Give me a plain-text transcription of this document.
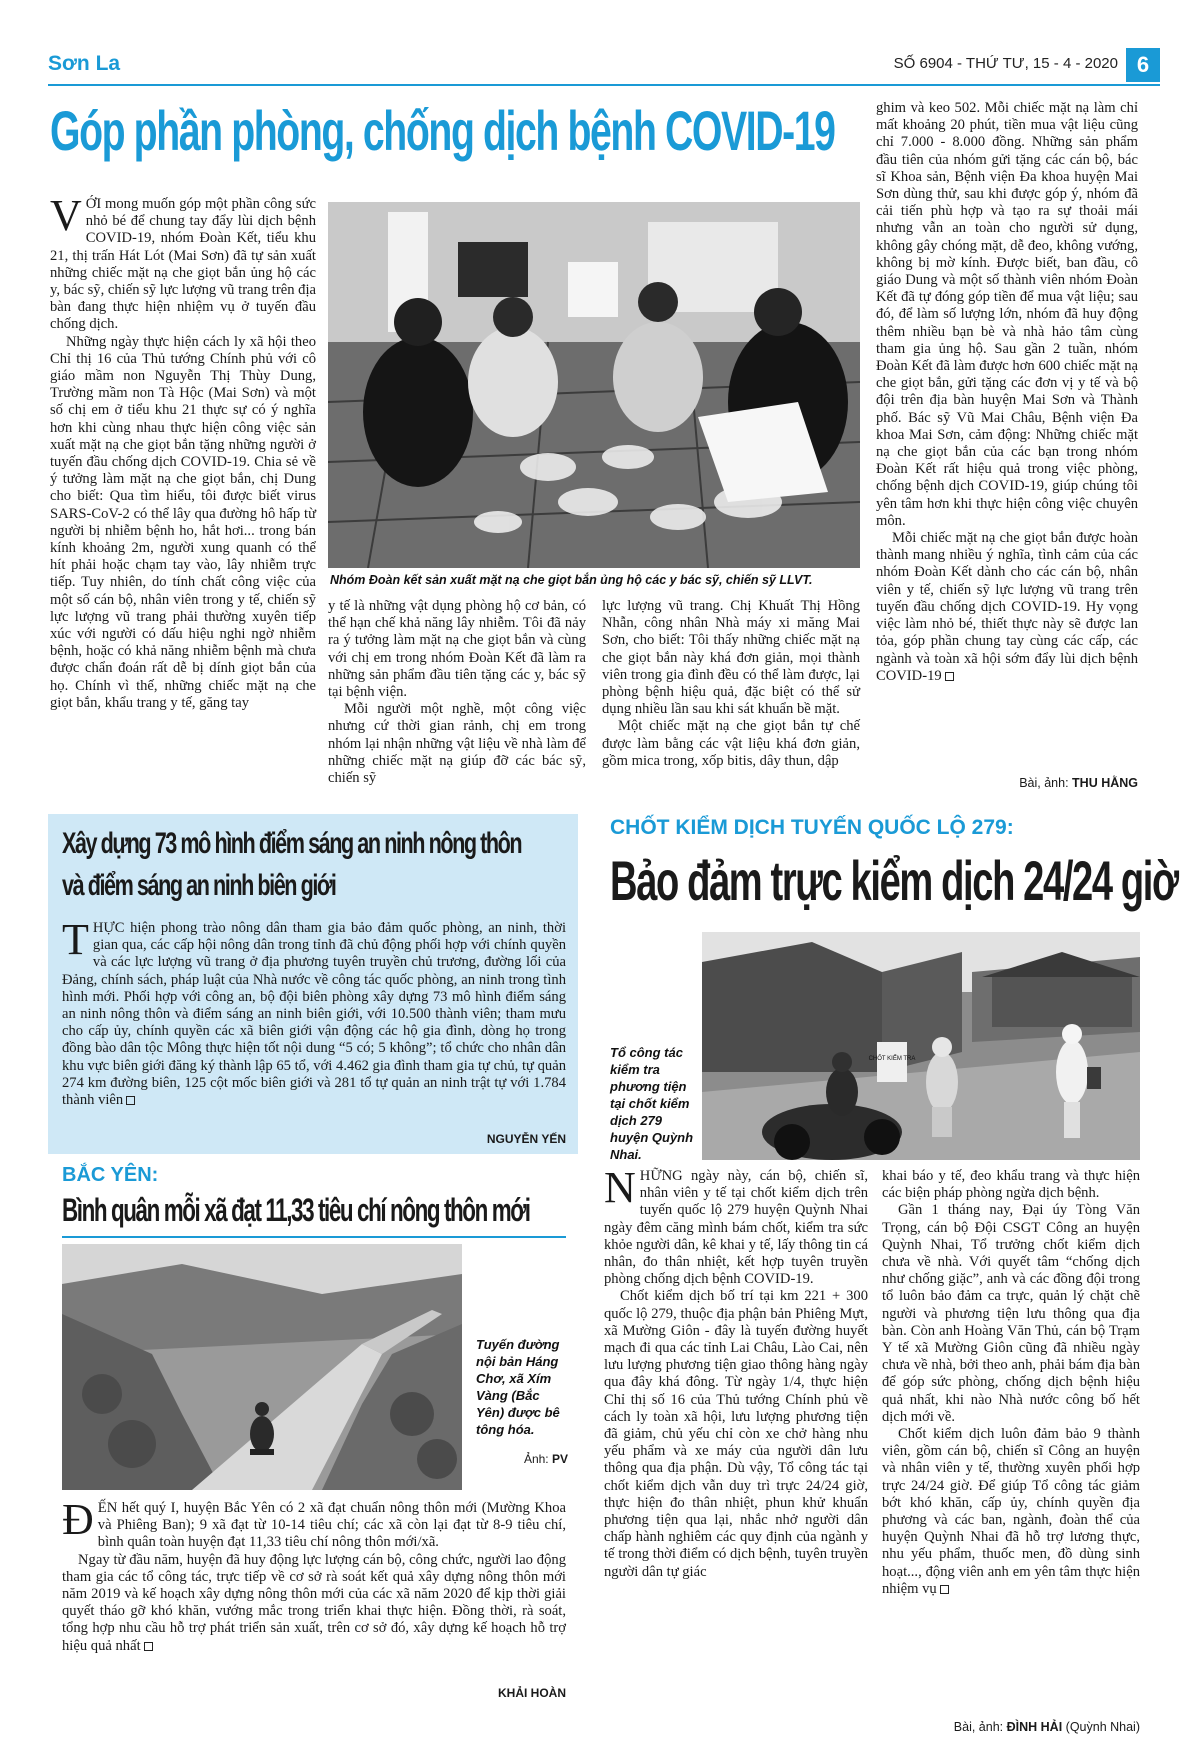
Sơn La	SỐ 6904 - THỨ TƯ, 15 - 4 - 2020 6
Góp phần phòng, chống dịch bệnh COVID-19

VỚI mong muốn góp một phần công sức nhỏ bé để chung tay đẩy lùi dịch bệnh COVID-19, nhóm Đoàn Kết, tiểu khu 21, thị trấn Hát Lót (Mai Sơn) đã tự sản xuất những chiếc mặt nạ che giọt bắn ủng hộ các y, bác sỹ, chiến sỹ lực lượng vũ trang trên địa bàn đang thực hiện nhiệm vụ ở tuyến đầu chống dịch.

Những ngày thực hiện cách ly xã hội theo Chỉ thị 16 của Thủ tướng Chính phủ với cô giáo mầm non Nguyễn Thị Thùy Dung, Trường mầm non Tà Hộc (Mai Sơn) và một số chị em ở tiểu khu 21 thực sự có ý nghĩa hơn khi cùng nhau thực hiện công việc sản xuất mặt nạ che giọt bắn tặng những người ở tuyến đầu chống dịch COVID-19. Chia sẻ về ý tưởng làm mặt nạ che giọt bắn, chị Dung cho biết: Qua tìm hiểu, tôi được biết virus SARS-CoV-2 có thể lây qua đường hô hấp từ người bị nhiễm bệnh ho, hắt hơi... trong bán kính khoảng 2m, người xung quanh có thể hít phải hoặc chạm tay vào, lây nhiễm trực tiếp. Tuy nhiên, do tính chất công việc của một số cán bộ, nhân viên trong y tế, chiến sỹ lực lượng vũ trang phải thường xuyên tiếp xúc với người có dấu hiệu nghi ngờ nhiễm bệnh, hoặc có khả năng nhiễm bệnh mà chưa được chẩn đoán rất dễ bị dính giọt bắn của họ. Chính vì thế, những chiếc mặt nạ che giọt bắn, khẩu trang y tế, găng tay

Nhóm Đoàn kết sản xuất mặt nạ che giọt bắn ủng hộ các y bác sỹ, chiến sỹ LLVT.

y tế là những vật dụng phòng hộ cơ bản, có thể hạn chế khả năng lây nhiễm. Tôi đã nảy ra ý tưởng làm mặt nạ che giọt bắn và cùng với chị em trong nhóm Đoàn Kết đã làm ra những sản phẩm đầu tiên tặng các y, bác sỹ tại bệnh viện.

Mỗi người một nghề, một công việc nhưng cứ thời gian rảnh, chị em trong nhóm lại nhận những vật liệu về nhà làm để những chiếc mặt nạ giúp đỡ các bác sỹ, chiến sỹ

lực lượng vũ trang. Chị Khuất Thị Hồng Nhẫn, công nhân Nhà máy xi măng Mai Sơn, cho biết: Tôi thấy những chiếc mặt nạ che giọt bắn này khá đơn giản, mọi thành viên trong gia đình đều có thể làm được, lại phòng bệnh hiệu quả, đặc biệt có thể sử dụng nhiều lần sau khi sát khuẩn bề mặt.

Một chiếc mặt nạ che giọt bắn tự chế được làm bằng các vật liệu khá đơn giản, gồm mica trong, xốp bitis, dây thun, dập

ghim và keo 502. Mỗi chiếc mặt nạ làm chỉ mất khoảng 20 phút, tiền mua vật liệu cũng chỉ 7.000 - 8.000 đồng. Những sản phẩm đầu tiên của nhóm gửi tặng các cán bộ, bác sĩ Khoa sản, Bệnh viện Đa khoa huyện Mai Sơn dùng thử, sau khi được góp ý, nhóm đã cải tiến phù hợp và tạo ra sự thoải mái nhưng vẫn an toàn cho người sử dụng, không gây chóng mặt, dễ đeo, không vướng, không bị mờ kính. Được biết, ban đầu, cô giáo Dung và một số thành viên nhóm Đoàn Kết đã tự đóng góp tiền để mua vật liệu; sau đó, để làm số lượng lớn, nhóm đã huy động thêm nhiều bạn bè và nhà hảo tâm cùng tham gia ủng hộ. Sau gần 2 tuần, nhóm Đoàn Kết đã làm được hơn 600 chiếc mặt nạ che giọt bắn, gửi tặng các đơn vị y tế và bộ đội trên địa bàn huyện Mai Sơn và Thành phố. Bác sỹ Vũ Mai Châu, Bệnh viện Đa khoa Mai Sơn, cảm động: Những chiếc mặt nạ che giọt bắn của các bạn trong nhóm Đoàn Kết rất hiệu quả trong việc phòng, chống bệnh dịch COVID-19, giúp chúng tôi yên tâm hơn khi thực hiện công việc chuyên môn.

Mỗi chiếc mặt nạ che giọt bắn được hoàn thành mang nhiều ý nghĩa, tình cảm của các nhóm Đoàn Kết dành cho các cán bộ, nhân viên y tế, chiến sỹ lực lượng vũ trang trên tuyến đầu chống dịch COVID-19. Hy vọng việc làm nhỏ bé, thiết thực này sẽ được lan tỏa, góp phần chung tay cùng các cấp, các ngành và toàn xã hội sớm đẩy lùi dịch bệnh COVID-19

Bài, ảnh: THU HẰNG
Xây dựng 73 mô hình điểm sáng an ninh nông thôn
và điểm sáng an ninh biên giới

THỰC hiện phong trào nông dân tham gia bảo đảm quốc phòng, an ninh, thời gian qua, các cấp hội nông dân trong tỉnh đã chủ động phối hợp với chính quyền và các lực lượng vũ trang ở địa phương tuyên truyền chủ trương, đường lối của Đảng, chính sách, pháp luật của Nhà nước về công tác quốc phòng, an ninh trong tình hình mới. Phối hợp với công an, bộ đội biên phòng xây dựng 73 mô hình điểm sáng an ninh nông thôn và điểm sáng an ninh biên giới, với 10.500 thành viên; tham mưu cho cấp ủy, chính quyền các xã biên giới vận động các hộ gia đình, dòng họ trong đồng bào dân tộc Mông thực hiện tốt nội dung “5 có; 5 không”; tổ chức cho nhân dân khu vực biên giới đăng ký thành lập 65 tổ, với 4.462 gia đình tham gia tự chủ, tự quản 274 km đường biên, 125 cột mốc biên giới và 281 tổ tự quản an ninh trật tự với 1.784 thành viên

NGUYỄN YẾN
BẮC YÊN:
Bình quân mỗi xã đạt 11,33 tiêu chí nông thôn mới
Tuyến đường nội bản Háng Chơ, xã Xím Vàng (Bắc Yên) được bê tông hóa.
Ảnh: PV

ĐẾN hết quý I, huyện Bắc Yên có 2 xã đạt chuẩn nông thôn mới (Mường Khoa và Phiêng Ban); 9 xã đạt từ 10-14 tiêu chí; các xã còn lại đạt từ 8-9 tiêu chí, bình quân toàn huyện đạt 11,33 tiêu chí nông thôn mới/xã.

Ngay từ đầu năm, huyện đã huy động lực lượng cán bộ, công chức, người lao động tham gia các tổ công tác, trực tiếp về cơ sở rà soát kết quả xây dựng nông thôn mới năm 2019 và kế hoạch xây dựng nông thôn mới của các xã năm 2020 để kịp thời giải quyết tháo gỡ khó khăn, vướng mắc trong triển khai thực hiện. Đồng thời, rà soát, tổng hợp nhu cầu hỗ trợ phát triển sản xuất, trên cơ sở đó, xây dựng kế hoạch hỗ trợ hiệu quả nhất

KHẢI HOÀN
CHỐT KIỂM DỊCH TUYẾN QUỐC LỘ 279:
Bảo đảm trực kiểm dịch 24/24 giờ
CHỐT KIỂM TRA
Tổ công tác kiểm tra phương tiện tại chốt kiểm dịch 279 huyện Quỳnh Nhai.

NHỮNG ngày này, cán bộ, chiến sĩ, nhân viên y tế tại chốt kiểm dịch trên tuyến quốc lộ 279 huyện Quỳnh Nhai ngày đêm căng mình bám chốt, kiểm tra sức khỏe người dân, kê khai y tế, lấy thông tin cá nhân, đo thân nhiệt, kết hợp tuyên truyền phòng chống dịch bệnh COVID-19.

Chốt kiểm dịch bố trí tại km 221 + 300 quốc lộ 279, thuộc địa phận bản Phiêng Mựt, xã Mường Giôn - đây là tuyến đường huyết mạch đi qua các tỉnh Lai Châu, Lào Cai, nên lưu lượng phương tiện giao thông hàng ngày qua đây khá đông. Từ ngày 1/4, thực hiện Chỉ thị số 16 của Thủ tướng Chính phủ về cách ly toàn xã hội, lưu lượng phương tiện đã giảm, chủ yếu chỉ còn xe chở hàng nhu yếu phẩm và xe máy của người dân lưu thông qua địa phận. Dù vậy, Tổ công tác tại chốt kiểm dịch vẫn duy trì trực 24/24 giờ, thực hiện đo thân nhiệt, phun khử khuẩn phương tiện qua lại, nhắc nhở người dân chấp hành nghiêm các quy định của ngành y tế trong thời điểm có dịch bệnh, tuyên truyền người dân tự giác

khai báo y tế, đeo khẩu trang và thực hiện các biện pháp phòng ngừa dịch bệnh.

Gần 1 tháng nay, Đại úy Tòng Văn Trọng, cán bộ Đội CSGT Công an huyện Quỳnh Nhai, Tổ trưởng chốt kiểm dịch chưa về nhà. Với quyết tâm “chống dịch như chống giặc”, anh và các đồng đội trong tổ luôn bảo đảm ca trực, quản lý chặt chẽ người và phương tiện lưu thông qua địa bàn. Còn anh Hoàng Văn Thủ, cán bộ Trạm Y tế xã Mường Giôn cũng đã nhiều ngày chưa về nhà, bởi theo anh, phải bám địa bàn để góp sức phòng, chống dịch bệnh hiệu quả nhất, khi nào Nhà nước công bố hết dịch mới về.

Chốt kiểm dịch luôn đảm bảo 9 thành viên, gồm cán bộ, chiến sĩ Công an huyện và nhân viên y tế, thường xuyên phối hợp trực 24/24 giờ. Để giúp Tổ công tác giảm bớt khó khăn, cấp ủy, chính quyền địa phương và các ban, ngành, đoàn thể của huyện Quỳnh Nhai đã hỗ trợ lương thực, nhu yếu phẩm, thuốc men, đồ dùng sinh hoạt..., động viên anh em yên tâm thực hiện nhiệm vụ

Bài, ảnh: ĐÌNH HẢI (Quỳnh Nhai)
